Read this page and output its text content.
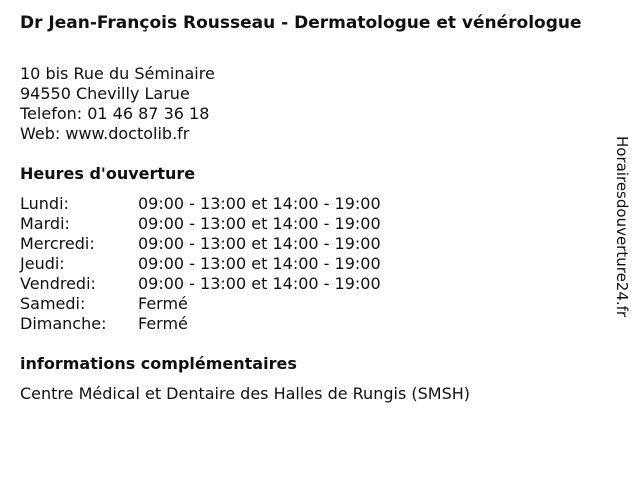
Dr Jean-François Rousseau - Dermatologue et vénérologue
10 bis Rue du Séminaire
94550 Chevilly Larue
Telefon: 01 46 87 36 18
Web: www.doctolib.fr
Heures d'ouverture
Lundi:	09:00 - 13:00 et 14:00 - 19:00
Mardi:	09:00 - 13:00 et 14:00 - 19:00
Mercredi:	09:00 - 13:00 et 14:00 - 19:00
Jeudi:	09:00 - 13:00 et 14:00 - 19:00
Vendredi:	09:00 - 13:00 et 14:00 - 19:00
Samedi:	Fermé
Dimanche:	Fermé
informations complémentaires
Centre Médical et Dentaire des Halles de Rungis (SMSH)
Horairesdouverture24.fr
